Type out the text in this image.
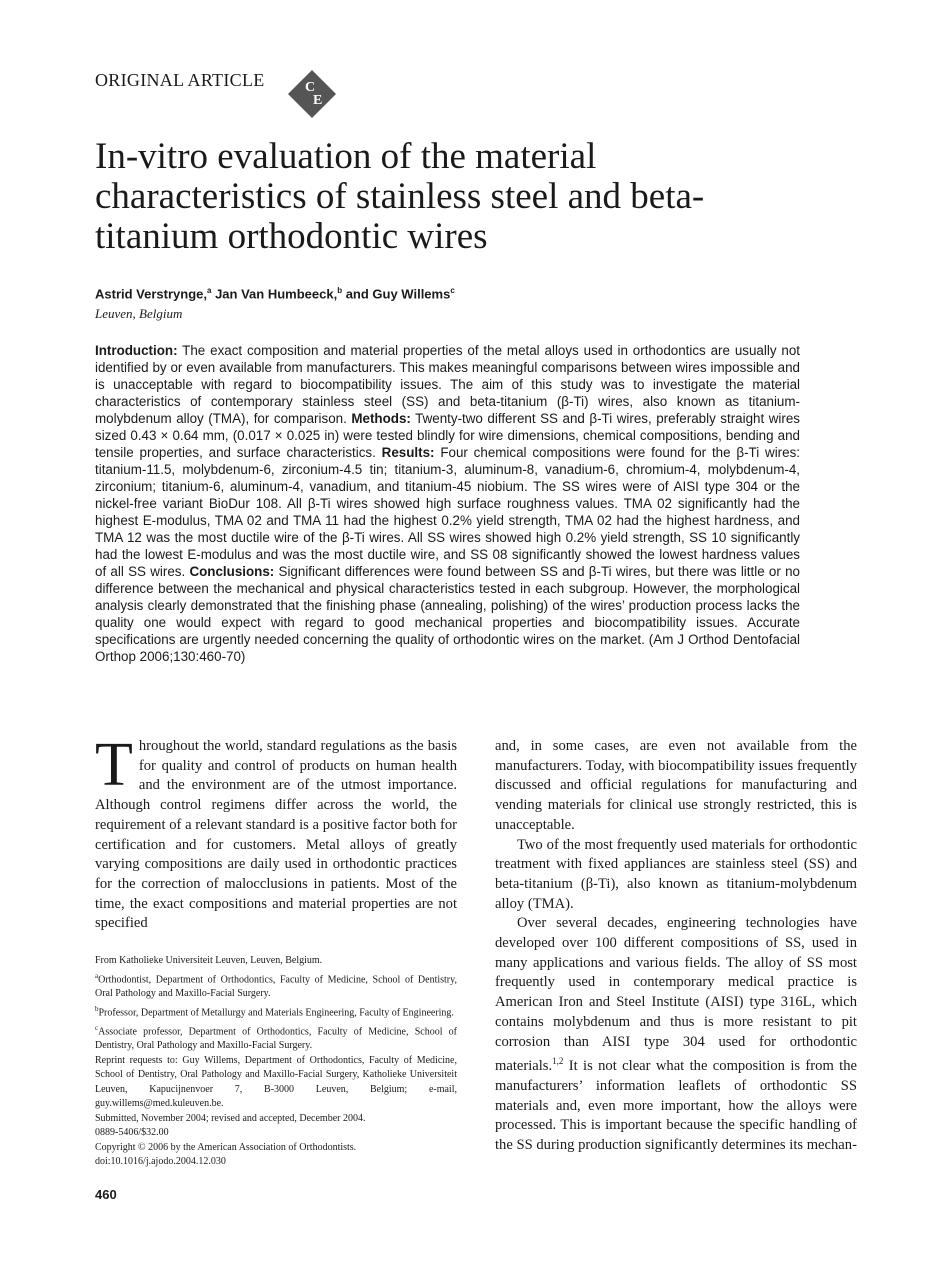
ORIGINAL ARTICLE	C
E
In-vitro evaluation of the material characteristics of stainless steel and beta-titanium orthodontic wires
Astrid Verstrynge,$^a$ Jan Van Humbeeck,$^b$ and Guy Willems$^c$
Leuven, Belgium

Introduction: The exact composition and material properties of the metal alloys used in orthodontics are usually not identified by or even available from manufacturers. This makes meaningful comparisons between wires impossible and is unacceptable with regard to biocompatibility issues. The aim of this study was to investigate the material characteristics of contemporary stainless steel (SS) and beta-titanium (β-Ti) wires, also known as titanium-molybdenum alloy (TMA), for comparison. Methods: Twenty-two different SS and β-Ti wires, preferably straight wires sized 0.43 × 0.64 mm, (0.017 × 0.025 in) were tested blindly for wire dimensions, chemical compositions, bending and tensile properties, and surface characteristics. Results: Four chemical compositions were found for the β-Ti wires: titanium-11.5, molybdenum-6, zirconium-4.5 tin; titanium-3, aluminum-8, vanadium-6, chromium-4, molybdenum-4, zirconium; titanium-6, aluminum-4, vanadium, and titanium-45 niobium. The SS wires were of AISI type 304 or the nickel-free variant BioDur 108. All β-Ti wires showed high surface roughness values. TMA 02 significantly had the highest E-modulus, TMA 02 and TMA 11 had the highest 0.2% yield strength, TMA 02 had the highest hardness, and TMA 12 was the most ductile wire of the β-Ti wires. All SS wires showed high 0.2% yield strength, SS 10 significantly had the lowest E-modulus and was the most ductile wire, and SS 08 significantly showed the lowest hardness values of all SS wires. Conclusions: Significant differences were found between SS and β-Ti wires, but there was little or no difference between the mechanical and physical characteristics tested in each subgroup. However, the morphological analysis clearly demonstrated that the finishing phase (annealing, polishing) of the wires’ production process lacks the quality one would expect with regard to good mechanical properties and biocompatibility issues. Accurate specifications are urgently needed concerning the quality of orthodontic wires on the market. (Am J Orthod Dentofacial Orthop 2006;130:460-70)

Throughout the world, standard regulations as the basis for quality and control of products on human health and the environment are of the utmost importance. Although control regimens differ across the world, the requirement of a relevant standard is a positive factor both for certification and for customers. Metal alloys of greatly varying compositions are daily used in orthodontic practices for the correction of malocclusions in patients. Most of the time, the exact compositions and material properties are not specified

From Katholieke Universiteit Leuven, Leuven, Belgium.
$^a$Orthodontist, Department of Orthodontics, Faculty of Medicine, School of Dentistry, Oral Pathology and Maxillo-Facial Surgery.
$^b$Professor, Department of Metallurgy and Materials Engineering, Faculty of Engineering.
$^c$Associate professor, Department of Orthodontics, Faculty of Medicine, School of Dentistry, Oral Pathology and Maxillo-Facial Surgery.
Reprint requests to: Guy Willems, Department of Orthodontics, Faculty of Medicine, School of Dentistry, Oral Pathology and Maxillo-Facial Surgery, Katholieke Universiteit Leuven, Kapucijnenvoer 7, B-3000 Leuven, Belgium; e-mail, guy.willems@med.kuleuven.be.
Submitted, November 2004; revised and accepted, December 2004.
0889-5406/$32.00
Copyright © 2006 by the American Association of Orthodontists.
doi:10.1016/j.ajodo.2004.12.030

and, in some cases, are even not available from the manufacturers. Today, with biocompatibility issues frequently discussed and official regulations for manufacturing and vending materials for clinical use strongly restricted, this is unacceptable.

Two of the most frequently used materials for orthodontic treatment with fixed appliances are stainless steel (SS) and beta-titanium (β-Ti), also known as titanium-molybdenum alloy (TMA).

Over several decades, engineering technologies have developed over 100 different compositions of SS, used in many applications and various fields. The alloy of SS most frequently used in contemporary medical practice is American Iron and Steel Institute (AISI) type 316L, which contains molybdenum and thus is more resistant to pit corrosion than AISI type 304 used for orthodontic materials.$^{1,2}$ It is not clear what the composition is from the manufacturers’ information leaflets of orthodontic SS materials and, even more important, how the alloys were processed. This is important because the specific handling of the SS during production significantly determines its mechan-

460
